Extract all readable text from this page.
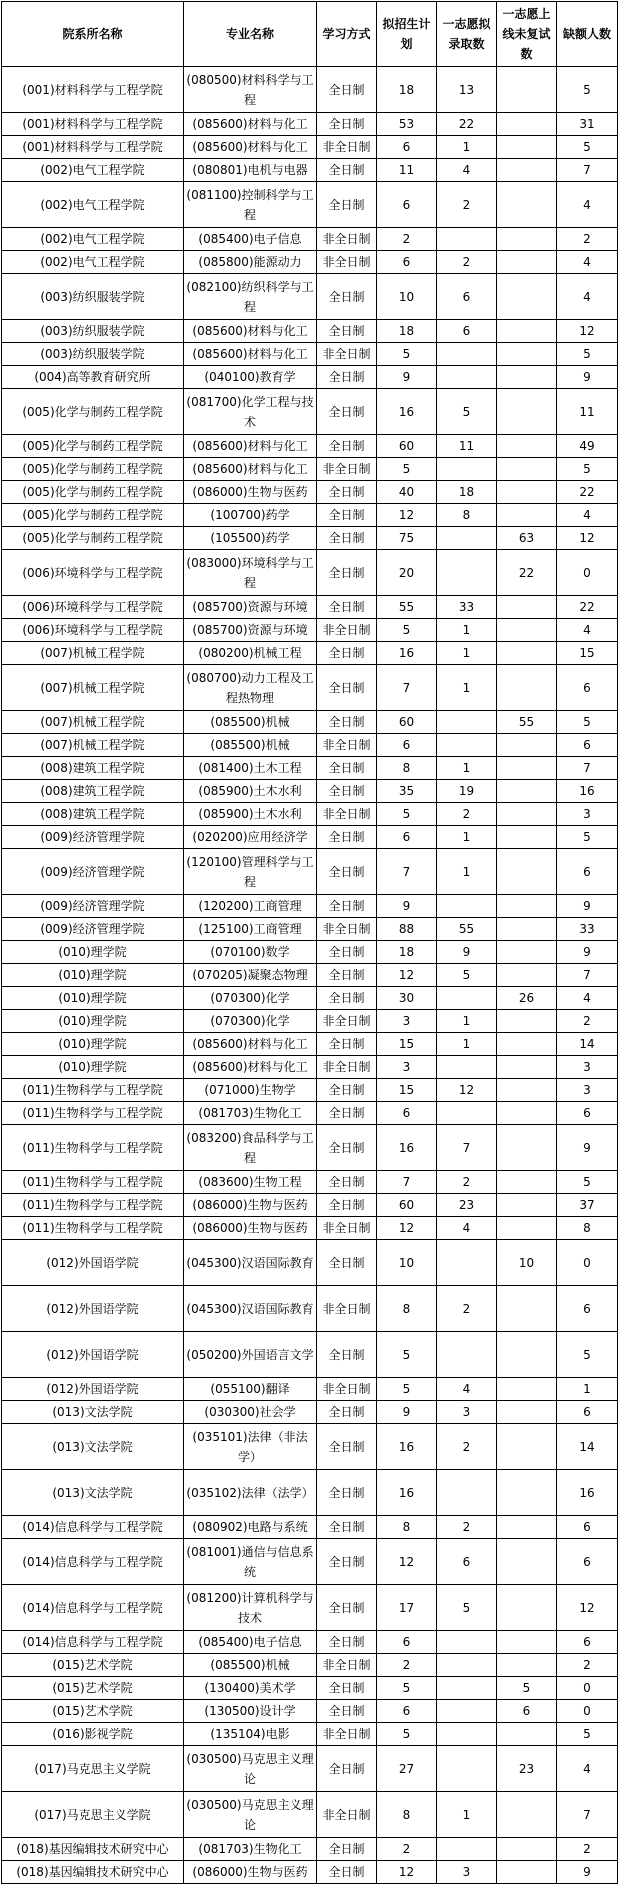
院系所名称	专业名称	学习方式	拟招生计划	一志愿拟录取数	一志愿上线未复试数	缺额人数
(001)材料科学与工程学院	(080500)材料科学与工程	全日制	18	13		5
(001)材料科学与工程学院	(085600)材料与化工	全日制	53	22		31
(001)材料科学与工程学院	(085600)材料与化工	非全日制	6	1		5
(002)电气工程学院	(080801)电机与电器	全日制	11	4		7
(002)电气工程学院	(081100)控制科学与工程	全日制	6	2		4
(002)电气工程学院	(085400)电子信息	非全日制	2			2
(002)电气工程学院	(085800)能源动力	非全日制	6	2		4
(003)纺织服装学院	(082100)纺织科学与工程	全日制	10	6		4
(003)纺织服装学院	(085600)材料与化工	全日制	18	6		12
(003)纺织服装学院	(085600)材料与化工	非全日制	5			5
(004)高等教育研究所	(040100)教育学	全日制	9			9
(005)化学与制药工程学院	(081700)化学工程与技术	全日制	16	5		11
(005)化学与制药工程学院	(085600)材料与化工	全日制	60	11		49
(005)化学与制药工程学院	(085600)材料与化工	非全日制	5			5
(005)化学与制药工程学院	(086000)生物与医药	全日制	40	18		22
(005)化学与制药工程学院	(100700)药学	全日制	12	8		4
(005)化学与制药工程学院	(105500)药学	全日制	75		63	12
(006)环境科学与工程学院	(083000)环境科学与工程	全日制	20		22	0
(006)环境科学与工程学院	(085700)资源与环境	全日制	55	33		22
(006)环境科学与工程学院	(085700)资源与环境	非全日制	5	1		4
(007)机械工程学院	(080200)机械工程	全日制	16	1		15
(007)机械工程学院	(080700)动力工程及工程热物理	全日制	7	1		6
(007)机械工程学院	(085500)机械	全日制	60		55	5
(007)机械工程学院	(085500)机械	非全日制	6			6
(008)建筑工程学院	(081400)土木工程	全日制	8	1		7
(008)建筑工程学院	(085900)土木水利	全日制	35	19		16
(008)建筑工程学院	(085900)土木水利	非全日制	5	2		3
(009)经济管理学院	(020200)应用经济学	全日制	6	1		5
(009)经济管理学院	(120100)管理科学与工程	全日制	7	1		6
(009)经济管理学院	(120200)工商管理	全日制	9			9
(009)经济管理学院	(125100)工商管理	非全日制	88	55		33
(010)理学院	(070100)数学	全日制	18	9		9
(010)理学院	(070205)凝聚态物理	全日制	12	5		7
(010)理学院	(070300)化学	全日制	30		26	4
(010)理学院	(070300)化学	非全日制	3	1		2
(010)理学院	(085600)材料与化工	全日制	15	1		14
(010)理学院	(085600)材料与化工	非全日制	3			3
(011)生物科学与工程学院	(071000)生物学	全日制	15	12		3
(011)生物科学与工程学院	(081703)生物化工	全日制	6			6
(011)生物科学与工程学院	(083200)食品科学与工程	全日制	16	7		9
(011)生物科学与工程学院	(083600)生物工程	全日制	7	2		5
(011)生物科学与工程学院	(086000)生物与医药	全日制	60	23		37
(011)生物科学与工程学院	(086000)生物与医药	非全日制	12	4		8
(012)外国语学院	(045300)汉语国际教育	全日制	10		10	0
(012)外国语学院	(045300)汉语国际教育	非全日制	8	2		6
(012)外国语学院	(050200)外国语言文学	全日制	5			5
(012)外国语学院	(055100)翻译	非全日制	5	4		1
(013)文法学院	(030300)社会学	全日制	9	3		6
(013)文法学院	(035101)法律（非法学）	全日制	16	2		14
(013)文法学院	(035102)法律（法学）	全日制	16			16
(014)信息科学与工程学院	(080902)电路与系统	全日制	8	2		6
(014)信息科学与工程学院	(081001)通信与信息系统	全日制	12	6		6
(014)信息科学与工程学院	(081200)计算机科学与技术	全日制	17	5		12
(014)信息科学与工程学院	(085400)电子信息	全日制	6			6
(015)艺术学院	(085500)机械	非全日制	2			2
(015)艺术学院	(130400)美术学	全日制	5		5	0
(015)艺术学院	(130500)设计学	全日制	6		6	0
(016)影视学院	(135104)电影	非全日制	5			5
(017)马克思主义学院	(030500)马克思主义理论	全日制	27		23	4
(017)马克思主义学院	(030500)马克思主义理论	非全日制	8	1		7
(018)基因编辑技术研究中心	(081703)生物化工	全日制	2			2
(018)基因编辑技术研究中心	(086000)生物与医药	全日制	12	3		9
